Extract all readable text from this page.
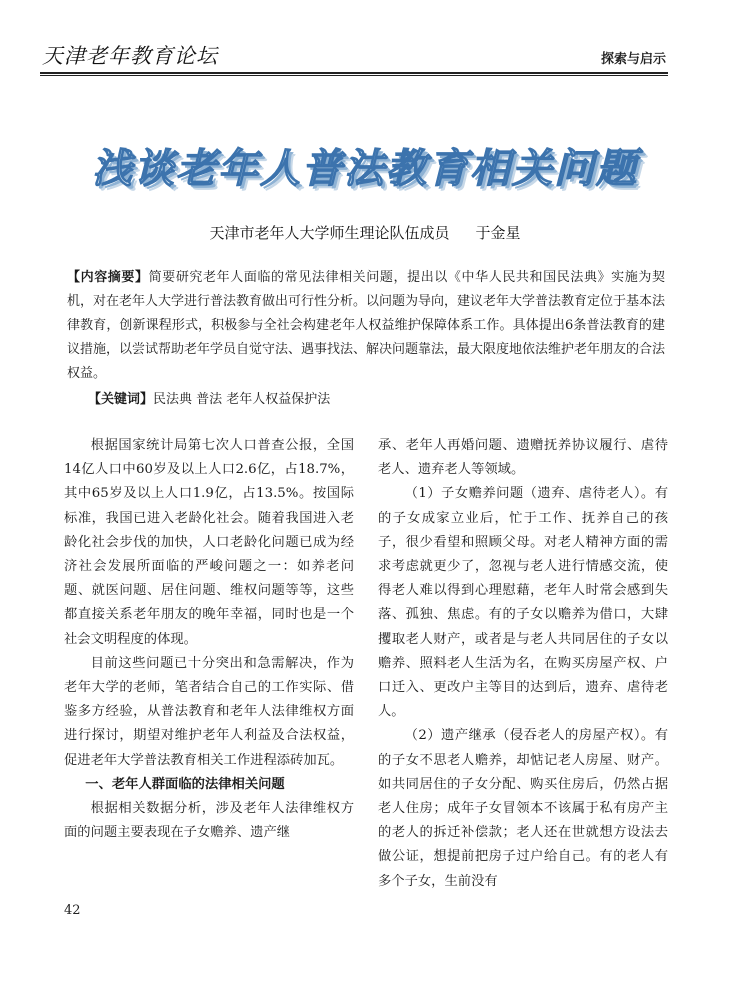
天津老年教育论坛	探索与启示
浅谈老年人普法教育相关问题
天津市老年人大学师生理论队伍成员 于金星
【内容摘要】简要研究老年人面临的常见法律相关问题，提出以《中华人民共和国民法典》实施为契机，对在老年人大学进行普法教育做出可行性分析。以问题为导向，建议老年大学普法教育定位于基本法律教育，创新课程形式，积极参与全社会构建老年人权益维护保障体系工作。具体提出6条普法教育的建议措施，以尝试帮助老年学员自觉守法、遇事找法、解决问题靠法，最大限度地依法维护老年朋友的合法权益。
【关键词】民法典 普法 老年人权益保护法

根据国家统计局第七次人口普查公报，全国14亿人口中60岁及以上人口2.6亿，占18.7%，其中65岁及以上人口1.9亿，占13.5%。按国际标准，我国已进入老龄化社会。随着我国进入老龄化社会步伐的加快，人口老龄化问题已成为经济社会发展所面临的严峻问题之一：如养老问题、就医问题、居住问题、维权问题等等，这些都直接关系老年朋友的晚年幸福，同时也是一个社会文明程度的体现。

目前这些问题已十分突出和急需解决，作为老年大学的老师，笔者结合自己的工作实际、借鉴多方经验，从普法教育和老年人法律维权方面进行探讨，期望对维护老年人利益及合法权益，促进老年大学普法教育相关工作进程添砖加瓦。

一、老年人群面临的法律相关问题

根据相关数据分析，涉及老年人法律维权方面的问题主要表现在子女赡养、遗产继

承、老年人再婚问题、遗赠抚养协议履行、虐待老人、遗弃老人等领域。

（1）子女赡养问题（遗弃、虐待老人）。有的子女成家立业后，忙于工作、抚养自己的孩子，很少看望和照顾父母。对老人精神方面的需求考虑就更少了，忽视与老人进行情感交流，使得老人难以得到心理慰藉，老年人时常会感到失落、孤独、焦虑。有的子女以赡养为借口，大肆攫取老人财产，或者是与老人共同居住的子女以赡养、照料老人生活为名，在购买房屋产权、户口迁入、更改户主等目的达到后，遗弃、虐待老人。

（2）遗产继承（侵吞老人的房屋产权）。有的子女不思老人赡养，却惦记老人房屋、财产。如共同居住的子女分配、购买住房后，仍然占据老人住房；成年子女冒领本不该属于私有房产主的老人的拆迁补偿款；老人还在世就想方设法去做公证，想提前把房子过户给自己。有的老人有多个子女，生前没有

42
